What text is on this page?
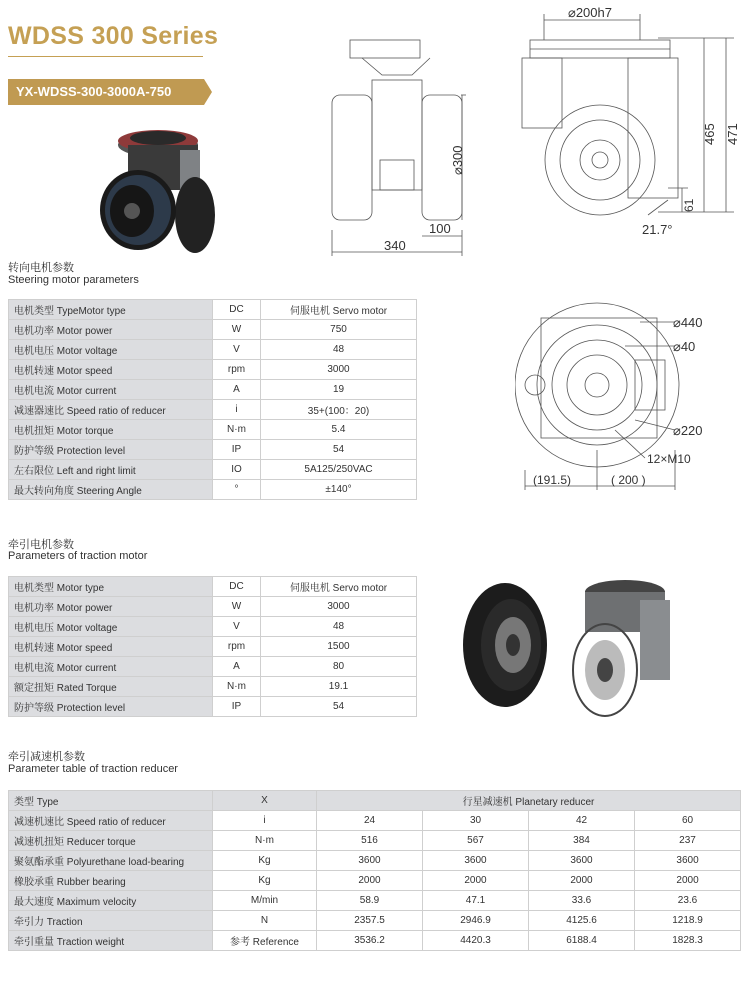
WDSS 300 Series
YX-WDSS-300-3000A-750
340
100
⌀300
⌀200h7
465 471
61
21.7°
⌀440
⌀40
⌀220
12×M10
(191.5)	( 200 )
转向电机参数
Steering motor parameters
电机类型 TypeMotor type	DC	伺服电机 Servo motor
电机功率 Motor power	W	750
电机电压 Motor voltage	V	48
电机转速 Motor speed	rpm	3000
电机电流 Motor current	A	19
减速器速比 Speed ratio of reducer	i	35+(100：20)
电机扭矩 Motor torque	N·m	5.4
防护等级 Protection level	IP	54
左右限位 Left and right limit	IO	5A125/250VAC
最大转向角度 Steering Angle	°	±140°
牵引电机参数
Parameters of traction motor
电机类型 Motor type	DC	伺服电机 Servo motor
电机功率 Motor power	W	3000
电机电压 Motor voltage	V	48
电机转速 Motor speed	rpm	1500
电机电流 Motor current	A	80
额定扭矩 Rated Torque	N·m	19.1
防护等级 Protection level	IP	54
牵引减速机参数
Parameter table of traction reducer
类型 Type	X	行星减速机 Planetary reducer			
减速机速比 Speed ratio of reducer	i	24	30	42	60
减速机扭矩 Reducer torque	N·m	516	567	384	237
聚氨酯承重 Polyurethane load-bearing	Kg	3600	3600	3600	3600
橡胶承重 Rubber bearing	Kg	2000	2000	2000	2000
最大速度 Maximum velocity	M/min	58.9	47.1	33.6	23.6
牵引力 Traction	N	2357.5	2946.9	4125.6	1218.9
牵引重量 Traction weight	参考 Reference	3536.2	4420.3	6188.4	1828.3
